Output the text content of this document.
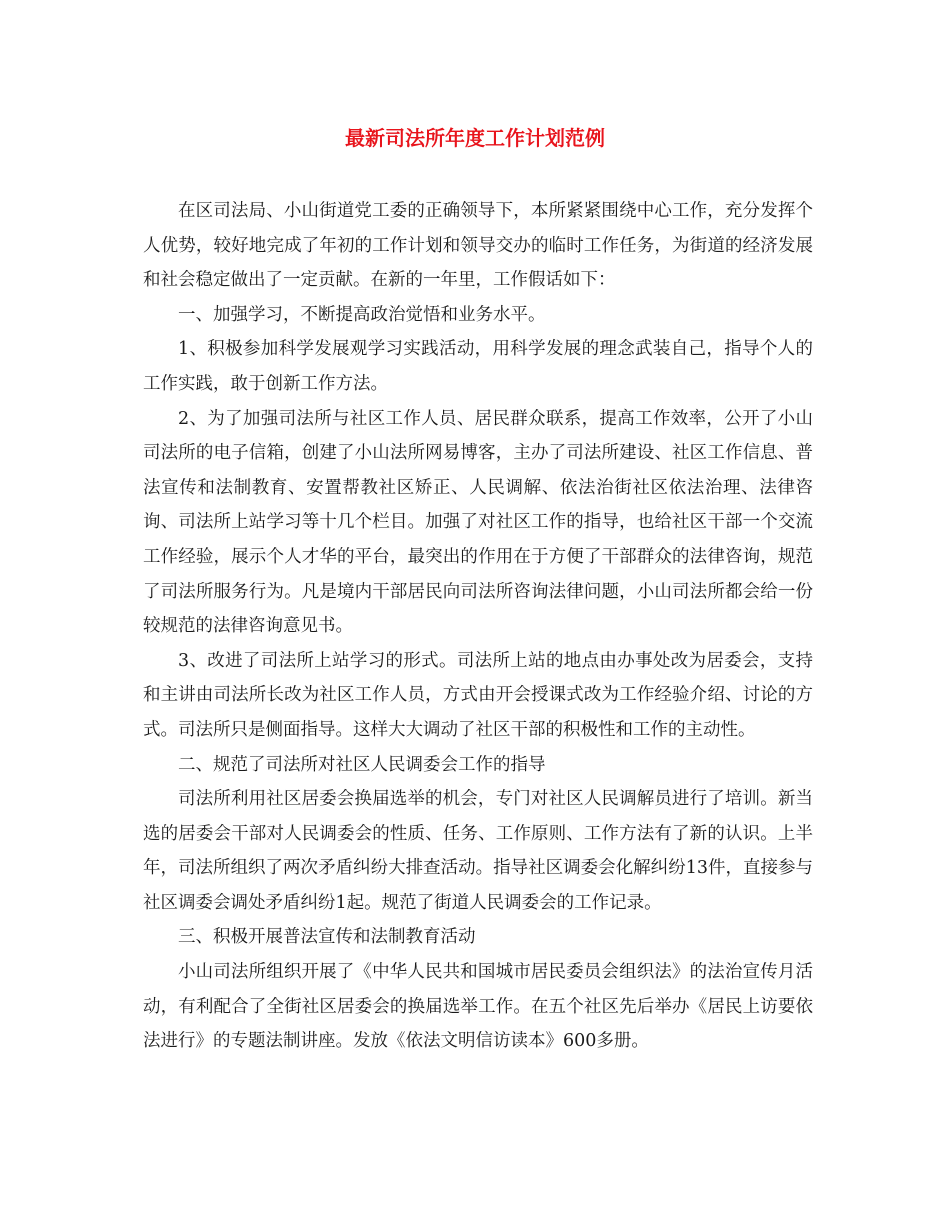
最新司法所年度工作计划范例

在区司法局、小山街道党工委的正确领导下，本所紧紧围绕中心工作，充分发挥个人优势，较好地完成了年初的工作计划和领导交办的临时工作任务，为街道的经济发展和社会稳定做出了一定贡献。在新的一年里，工作假话如下：

一、加强学习，不断提高政治觉悟和业务水平。

1、积极参加科学发展观学习实践活动，用科学发展的理念武装自己，指导个人的工作实践，敢于创新工作方法。

2、为了加强司法所与社区工作人员、居民群众联系，提高工作效率，公开了小山司法所的电子信箱，创建了小山法所网易博客，主办了司法所建设、社区工作信息、普法宣传和法制教育、安置帮教社区矫正、人民调解、依法治街社区依法治理、法律咨询、司法所上站学习等十几个栏目。加强了对社区工作的指导，也给社区干部一个交流工作经验，展示个人才华的平台，最突出的作用在于方便了干部群众的法律咨询，规范了司法所服务行为。凡是境内干部居民向司法所咨询法律问题，小山司法所都会给一份较规范的法律咨询意见书。

3、改进了司法所上站学习的形式。司法所上站的地点由办事处改为居委会，支持和主讲由司法所长改为社区工作人员，方式由开会授课式改为工作经验介绍、讨论的方式。司法所只是侧面指导。这样大大调动了社区干部的积极性和工作的主动性。

二、规范了司法所对社区人民调委会工作的指导

司法所利用社区居委会换届选举的机会，专门对社区人民调解员进行了培训。新当选的居委会干部对人民调委会的性质、任务、工作原则、工作方法有了新的认识。上半年，司法所组织了两次矛盾纠纷大排查活动。指导社区调委会化解纠纷13件，直接参与社区调委会调处矛盾纠纷1起。规范了街道人民调委会的工作记录。

三、积极开展普法宣传和法制教育活动

小山司法所组织开展了《中华人民共和国城市居民委员会组织法》的法治宣传月活动，有利配合了全街社区居委会的换届选举工作。在五个社区先后举办《居民上访要依法进行》的专题法制讲座。发放《依法文明信访读本》600多册。
